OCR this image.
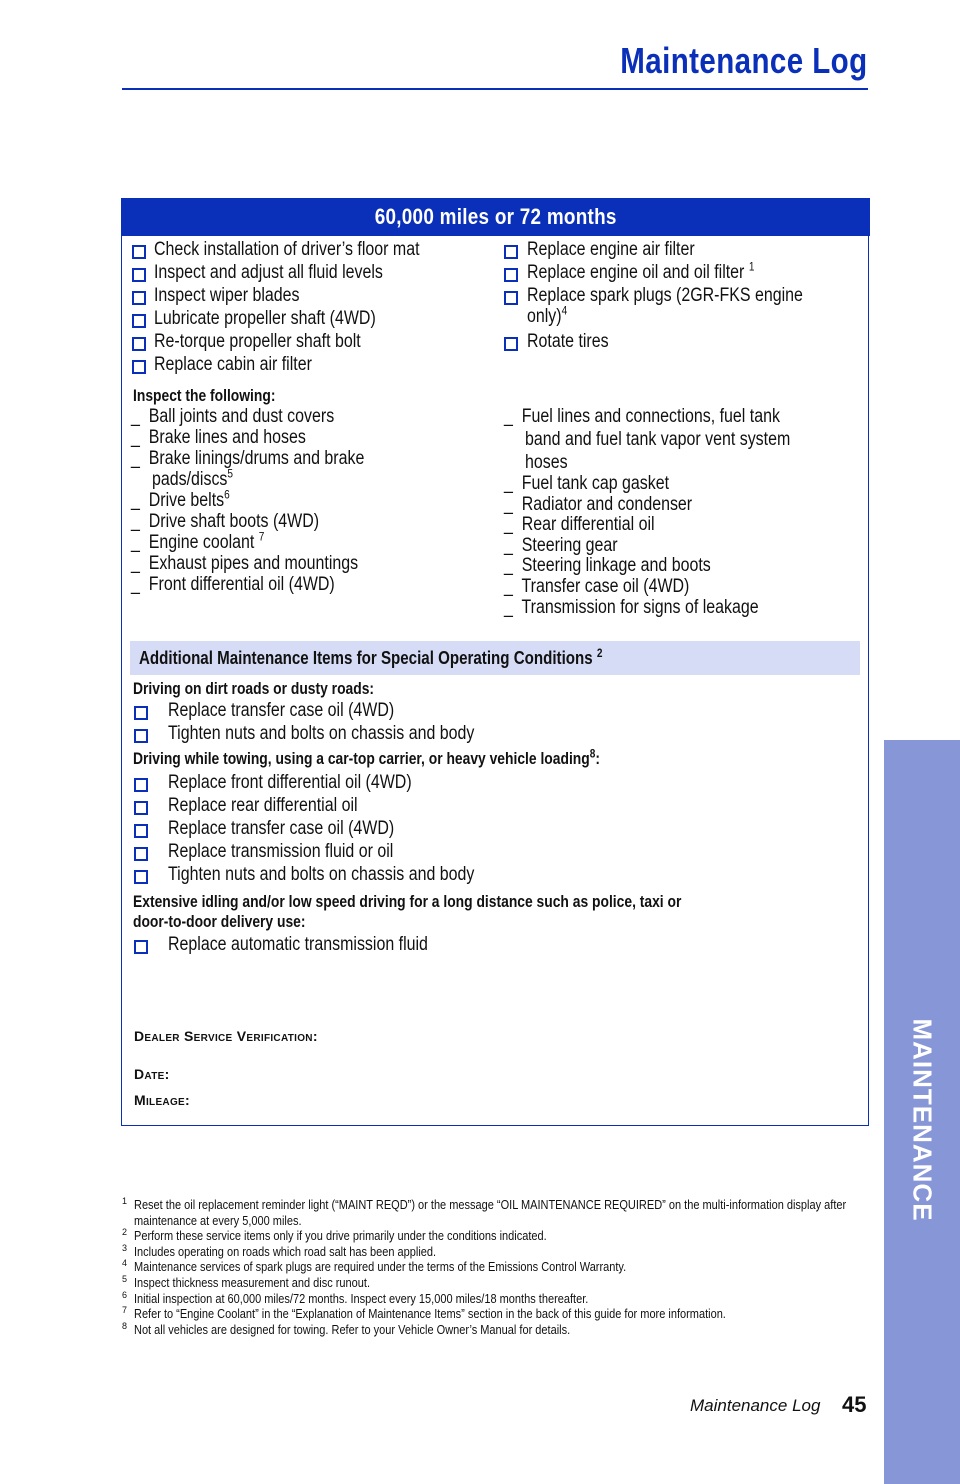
Maintenance Log
60,000 miles or 72 months
Check installation of driver’s floor mat
Inspect and adjust all fluid levels
Inspect wiper blades
Lubricate propeller shaft (4WD)
Re-torque propeller shaft bolt
Replace cabin air filter
Replace engine air filter
Replace engine oil and oil filter $^1$
Replace spark plugs (2GR-FKS engine
only)$^4$
Rotate tires
Inspect the following:
_ Ball joints and dust covers
_ Brake lines and hoses
_ Brake linings/drums and brake
pads/discs$^5$
_ Drive belts$^6$
_ Drive shaft boots (4WD)
_ Engine coolant $^7$
_ Exhaust pipes and mountings
_ Front differential oil (4WD)
_ Fuel lines and connections, fuel tank
band and fuel tank vapor vent system
hoses
_ Fuel tank cap gasket
_ Radiator and condenser
_ Rear differential oil
_ Steering gear
_ Steering linkage and boots
_ Transfer case oil (4WD)
_ Transmission for signs of leakage
Additional Maintenance Items for Special Operating Conditions $^2$
Driving on dirt roads or dusty roads:
Replace transfer case oil (4WD)
Tighten nuts and bolts on chassis and body
Driving while towing, using a car-top carrier, or heavy vehicle loading$^8$:
Replace front differential oil (4WD)
Replace rear differential oil
Replace transfer case oil (4WD)
Replace transmission fluid or oil
Tighten nuts and bolts on chassis and body
Extensive idling and/or low speed driving for a long distance such as police, taxi or
door-to-door delivery use:
Replace automatic transmission fluid
DEALER SERVICE VERIFICATION:
DATE:
MILEAGE:
1 Reset the oil replacement reminder light (“MAINT REQD”) or the message “OIL MAINTENANCE REQUIRED” on the multi-information display after maintenance at every 5,000 miles.
2 Perform these service items only if you drive primarily under the conditions indicated.
3 Includes operating on roads which road salt has been applied.
4 Maintenance services of spark plugs are required under the terms of the Emissions Control Warranty.
5 Inspect thickness measurement and disc runout.
6 Initial inspection at 60,000 miles/72 months. Inspect every 15,000 miles/18 months thereafter.
7 Refer to “Engine Coolant” in the “Explanation of Maintenance Items” section in the back of this guide for more information.
8 Not all vehicles are designed for towing. Refer to your Vehicle Owner’s Manual for details.
MAINTENANCE
Maintenance Log 45
